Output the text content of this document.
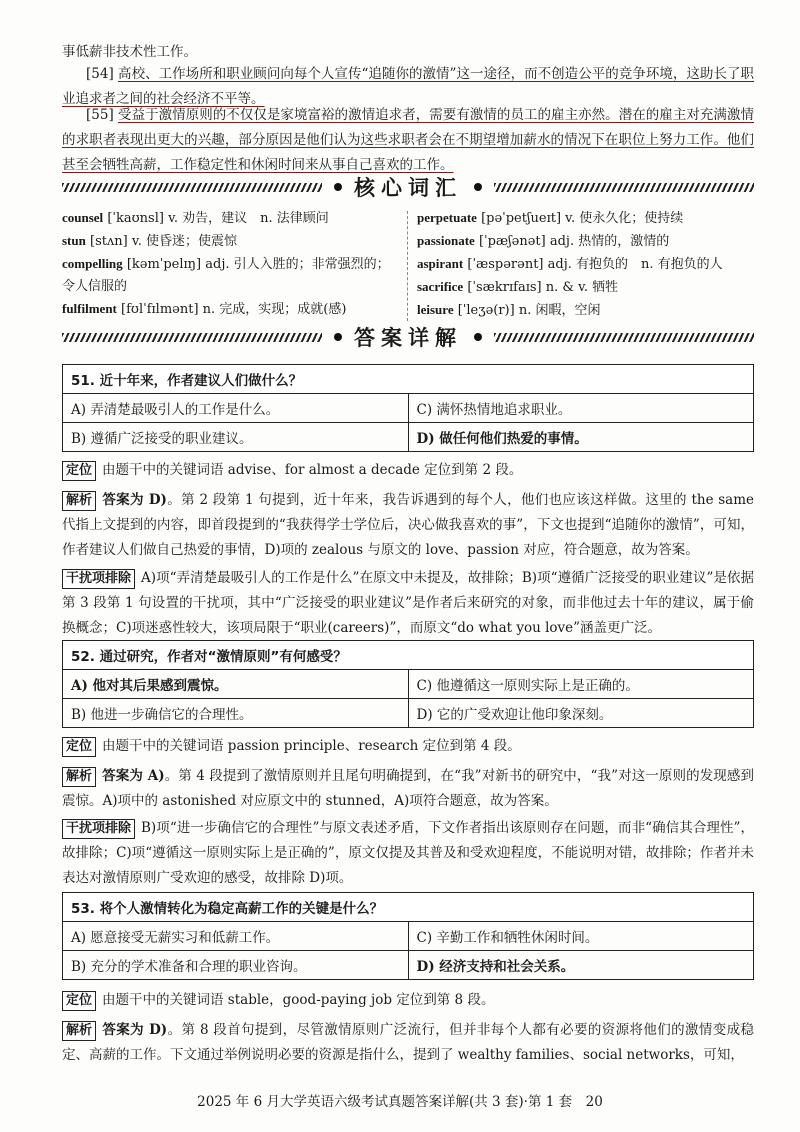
事低薪非技术性工作。
[54] 高校、工作场所和职业顾问向每个人宣传“追随你的激情”这一途径，而不创造公平的竞争环境，这助长了职业追求者之间的社会经济不平等。
[55] 受益于激情原则的不仅仅是家境富裕的激情追求者，需要有激情的员工的雇主亦然。潜在的雇主对充满激情的求职者表现出更大的兴趣，部分原因是他们认为这些求职者会在不期望增加薪水的情况下在职位上努力工作。他们甚至会牺牲高薪，工作稳定性和休闲时间来从事自己喜欢的工作。
核心词汇
counsel [ˈkaʊnsl] v. 劝告，建议　n. 法律顾问
stun [stʌn] v. 使昏迷；使震惊
compelling [kəmˈpelɪŋ] adj. 引人入胜的；非常强烈的；令人信服的
fulfilment [fʊlˈfɪlmənt] n. 完成，实现；成就(感)
perpetuate [pəˈpetʃueɪt] v. 使永久化；使持续
passionate [ˈpæʃənət] adj. 热情的，激情的
aspirant [ˈæspərənt] adj. 有抱负的　n. 有抱负的人
sacrifice [ˈsækrɪfaɪs] n. & v. 牺牲
leisure [ˈleʒə(r)] n. 闲暇，空闲
答案详解
51. 近十年来，作者建议人们做什么？	
A) 弄清楚最吸引人的工作是什么。	C) 满怀热情地追求职业。
B) 遵循广泛接受的职业建议。	D) 做任何他们热爱的事情。
定位 由题干中的关键词语 advise、for almost a decade 定位到第 2 段。
解析 答案为 D)。第 2 段第 1 句提到，近十年来，我告诉遇到的每个人，他们也应该这样做。这里的 the same 代指上文提到的内容，即首段提到的“我获得学士学位后，决心做我喜欢的事”，下文也提到“追随你的激情”，可知，作者建议人们做自己热爱的事情，D)项的 zealous 与原文的 love、passion 对应，符合题意，故为答案。
干扰项排除 A)项“弄清楚最吸引人的工作是什么”在原文中未提及，故排除；B)项“遵循广泛接受的职业建议”是依据第 3 段第 1 句设置的干扰项，其中“广泛接受的职业建议”是作者后来研究的对象，而非他过去十年的建议，属于偷换概念；C)项迷惑性较大，该项局限于“职业(careers)”，而原文“do what you love”涵盖更广泛。
52. 通过研究，作者对“激情原则”有何感受？	
A) 他对其后果感到震惊。	C) 他遵循这一原则实际上是正确的。
B) 他进一步确信它的合理性。	D) 它的广受欢迎让他印象深刻。
定位 由题干中的关键词语 passion principle、research 定位到第 4 段。
解析 答案为 A)。第 4 段提到了激情原则并且尾句明确提到，在“我”对新书的研究中，“我”对这一原则的发现感到震惊。A)项中的 astonished 对应原文中的 stunned，A)项符合题意，故为答案。
干扰项排除 B)项“进一步确信它的合理性”与原文表述矛盾，下文作者指出该原则存在问题，而非“确信其合理性”，故排除；C)项“遵循这一原则实际上是正确的”，原文仅提及其普及和受欢迎程度，不能说明对错，故排除；作者并未表达对激情原则广受欢迎的感受，故排除 D)项。
53. 将个人激情转化为稳定高薪工作的关键是什么？	
A) 愿意接受无薪实习和低薪工作。	C) 辛勤工作和牺牲休闲时间。
B) 充分的学术准备和合理的职业咨询。	D) 经济支持和社会关系。
定位 由题干中的关键词语 stable，good-paying job 定位到第 8 段。
解析 答案为 D)。第 8 段首句提到，尽管激情原则广泛流行，但并非每个人都有必要的资源将他们的激情变成稳定、高薪的工作。下文通过举例说明必要的资源是指什么，提到了 wealthy families、social networks，可知，
2025 年 6 月大学英语六级考试真题答案详解(共 3 套)·第 1 套　20
